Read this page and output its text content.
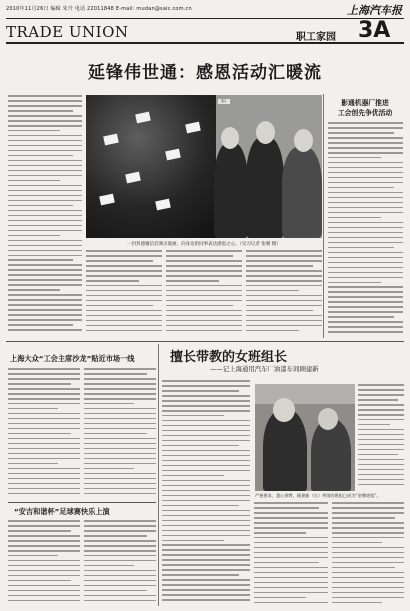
2010年11月26日 编辑 朱升 电话 22011848 E-mail: mudan@saic.com.cn	上海汽车报
TRADE UNION	职工家园 3A
延锋伟世通：感恩活动汇暖流
图片
一封封感谢信挂满圣诞树，向身边的同事表达感恩之心。（见习记者 张朝 摄）
影通机器厂推进
工会创先争优活动
上海大众“工会主席沙龙”贴近市场一线
“安吉和谐杯”足球赛快乐上演
擅长带教的女班组长
——记上海通用汽车厂油漆车间顾建新
严格要求、悉心带教，顾建新（右）带领的班组已成为“金牌班组”。
